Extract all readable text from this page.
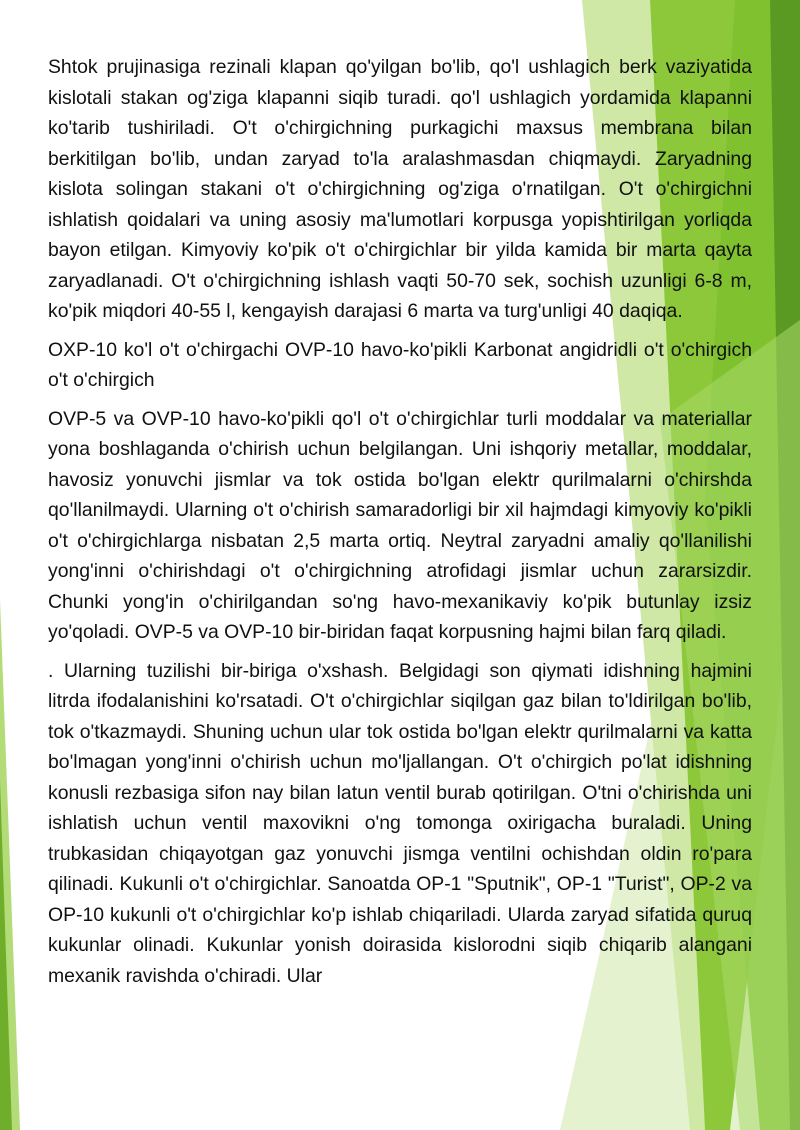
Shtok prujinasiga rezinali klapan qo'yilgan bo'lib, qo'l ushlagich berk vaziyatida kislotali stakan og'ziga klapanni siqib turadi. qo'l ushlagich yordamida klapanni ko'tarib tushiriladi. O't o'chirgichning purkagichi maxsus membrana bilan berkitilgan bo'lib, undan zaryad to'la aralashmasdan chiqmaydi. Zaryadning kislota solingan stakani o't o'chirgichning og'ziga o'rnatilgan. O't o'chirgichni ishlatish qoidalari va uning asosiy ma'lumotlari korpusga yopishtirilgan yorliqda bayon etilgan. Kimyoviy ko'pik o't o'chirgichlar bir yilda kamida bir marta qayta zaryadlanadi. O't o'chirgichning ishlash vaqti 50-70 sek, sochish uzunligi 6-8 m, ko'pik miqdori 40-55 l, kengayish darajasi 6 marta va turg'unligi 40 daqiqa.

OXP-10 ko'l o't o'chirgachi OVP-10 havo-ko'pikli Karbonat angidridli o't o'chirgich o't o'chirgich

OVP-5 va OVP-10 havo-ko'pikli qo'l o't o'chirgichlar turli moddalar va materiallar yona boshlaganda o'chirish uchun belgilangan. Uni ishqoriy metallar, moddalar, havosiz yonuvchi jismlar va tok ostida bo'lgan elektr qurilmalarni o'chirshda qo'llanilmaydi. Ularning o't o'chirish samaradorligi bir xil hajmdagi kimyoviy ko'pikli o't o'chirgichlarga nisbatan 2,5 marta ortiq. Neytral zaryadni amaliy qo'llanilishi yong'inni o'chirishdagi o't o'chirgichning atrofidagi jismlar uchun zararsizdir. Chunki yong'in o'chirilgandan so'ng havo-mexanikaviy ko'pik butunlay izsiz yo'qoladi. OVP-5 va OVP-10 bir-biridan faqat korpusning hajmi bilan farq qiladi.

. Ularning tuzilishi bir-biriga o'xshash. Belgidagi son qiymati idishning hajmini litrda ifodalanishini ko'rsatadi. O't o'chirgichlar siqilgan gaz bilan to'ldirilgan bo'lib, tok o'tkazmaydi. Shuning uchun ular tok ostida bo'lgan elektr qurilmalarni va katta bo'lmagan yong'inni o'chirish uchun mo'ljallangan. O't o'chirgich po'lat idishning konusli rezbasiga sifon nay bilan latun ventil burab qotirilgan. O'tni o'chirishda uni ishlatish uchun ventil maxovikni o'ng tomonga oxirigacha buraladi. Uning trubkasidan chiqayotgan gaz yonuvchi jismga ventilni ochishdan oldin ro'para qilinadi. Kukunli o't o'chirgichlar. Sanoatda OP-1 "Sputnik", OP-1 "Turist", OP-2 va OP-10 kukunli o't o'chirgichlar ko'p ishlab chiqariladi. Ularda zaryad sifatida quruq kukunlar olinadi. Kukunlar yonish doirasida kislorodni siqib chiqarib alangani mexanik ravishda o'chiradi. Ular
